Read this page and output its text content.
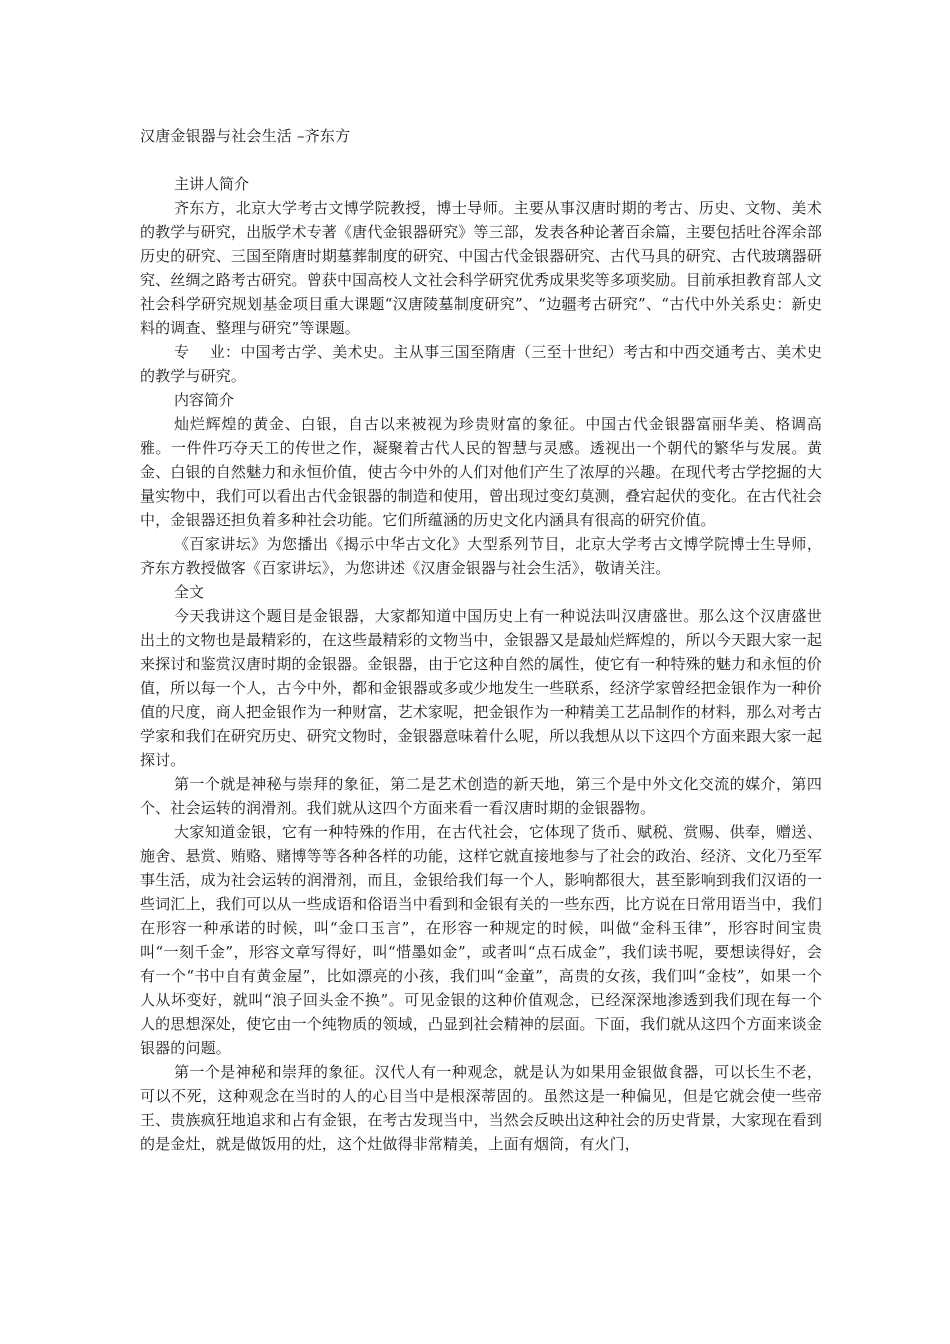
汉唐金银器与社会生活 –齐东方

主讲人简介

齐东方，北京大学考古文博学院教授，博士导师。主要从事汉唐时期的考古、历史、文物、美术的教学与研究，出版学术专著《唐代金银器研究》等三部，发表各种论著百余篇，主要包括吐谷浑余部历史的研究、三国至隋唐时期墓葬制度的研究、中国古代金银器研究、古代马具的研究、古代玻璃器研究、丝绸之路考古研究。曾获中国高校人文社会科学研究优秀成果奖等多项奖励。目前承担教育部人文社会科学研究规划基金项目重大课题“汉唐陵墓制度研究”、“边疆考古研究”、“古代中外关系史：新史料的调查、整理与研究”等课题。

专　 业：中国考古学、美术史。主从事三国至隋唐（三至十世纪）考古和中西交通考古、美术史的教学与研究。

内容简介

灿烂辉煌的黄金、白银，自古以来被视为珍贵财富的象征。中国古代金银器富丽华美、格调高雅。一件件巧夺天工的传世之作，凝聚着古代人民的智慧与灵感。透视出一个朝代的繁华与发展。黄金、白银的自然魅力和永恒价值，使古今中外的人们对他们产生了浓厚的兴趣。在现代考古学挖掘的大量实物中，我们可以看出古代金银器的制造和使用，曾出现过变幻莫测，叠宕起伏的变化。在古代社会中，金银器还担负着多种社会功能。它们所蕴涵的历史文化内涵具有很高的研究价值。

《百家讲坛》为您播出《揭示中华古文化》大型系列节目，北京大学考古文博学院博士生导师，齐东方教授做客《百家讲坛》，为您讲述《汉唐金银器与社会生活》，敬请关注。

全文

今天我讲这个题目是金银器，大家都知道中国历史上有一种说法叫汉唐盛世。那么这个汉唐盛世出土的文物也是最精彩的，在这些最精彩的文物当中，金银器又是最灿烂辉煌的，所以今天跟大家一起来探讨和鉴赏汉唐时期的金银器。金银器，由于它这种自然的属性，使它有一种特殊的魅力和永恒的价值，所以每一个人，古今中外，都和金银器或多或少地发生一些联系，经济学家曾经把金银作为一种价值的尺度，商人把金银作为一种财富，艺术家呢，把金银作为一种精美工艺品制作的材料，那么对考古学家和我们在研究历史、研究文物时，金银器意味着什么呢，所以我想从以下这四个方面来跟大家一起探讨。

第一个就是神秘与崇拜的象征，第二是艺术创造的新天地，第三个是中外文化交流的媒介，第四个、社会运转的润滑剂。我们就从这四个方面来看一看汉唐时期的金银器物。

大家知道金银，它有一种特殊的作用，在古代社会，它体现了货币、赋税、赏赐、供奉，赠送、施舍、悬赏、贿赂、赌博等等各种各样的功能，这样它就直接地参与了社会的政治、经济、文化乃至军事生活，成为社会运转的润滑剂，而且，金银给我们每一个人，影响都很大，甚至影响到我们汉语的一些词汇上，我们可以从一些成语和俗语当中看到和金银有关的一些东西，比方说在日常用语当中，我们在形容一种承诺的时候，叫“金口玉言”，在形容一种规定的时候，叫做“金科玉律”，形容时间宝贵叫“一刻千金”，形容文章写得好，叫“惜墨如金”，或者叫“点石成金”，我们读书呢，要想读得好，会有一个“书中自有黄金屋”，比如漂亮的小孩，我们叫“金童”，高贵的女孩，我们叫“金枝”，如果一个人从坏变好，就叫“浪子回头金不换”。可见金银的这种价值观念，已经深深地渗透到我们现在每一个人的思想深处，使它由一个纯物质的领域，凸显到社会精神的层面。下面，我们就从这四个方面来谈金银器的问题。

第一个是神秘和崇拜的象征。汉代人有一种观念，就是认为如果用金银做食器，可以长生不老，可以不死，这种观念在当时的人的心目当中是根深蒂固的。虽然这是一种偏见，但是它就会使一些帝王、贵族疯狂地追求和占有金银，在考古发现当中，当然会反映出这种社会的历史背景，大家现在看到的是金灶，就是做饭用的灶，这个灶做得非常精美，上面有烟筒，有火门，
